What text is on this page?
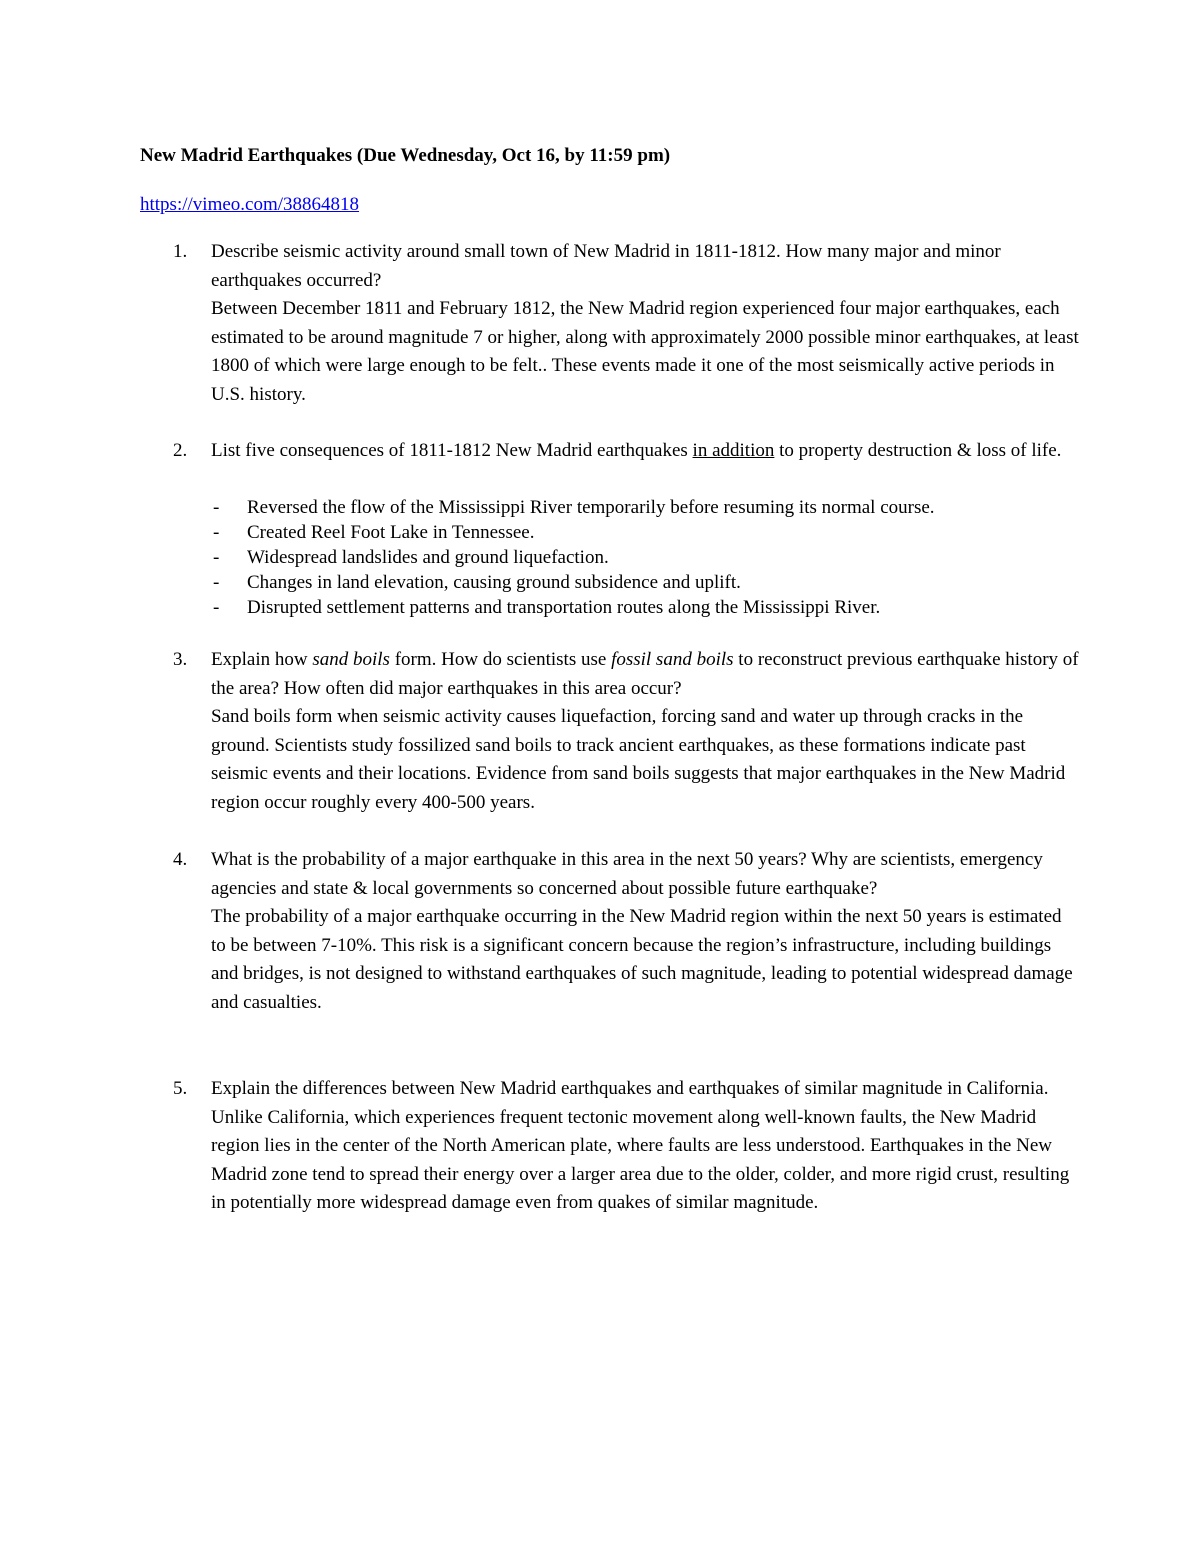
New Madrid Earthquakes (Due Wednesday, Oct 16, by 11:59 pm)
https://vimeo.com/38864818
1. Describe seismic activity around small town of New Madrid in 1811-1812. How many major and minor earthquakes occurred?

Between December 1811 and February 1812, the New Madrid region experienced four major earthquakes, each estimated to be around magnitude 7 or higher, along with approximately 2000 possible minor earthquakes, at least 1800 of which were large enough to be felt.. These events made it one of the most seismically active periods in U.S. history.

2. List five consequences of 1811-1812 New Madrid earthquakes in addition to property destruction & loss of life.

- Reversed the flow of the Mississippi River temporarily before resuming its normal course.
- Created Reel Foot Lake in Tennessee.
- Widespread landslides and ground liquefaction.
- Changes in land elevation, causing ground subsidence and uplift.
- Disrupted settlement patterns and transportation routes along the Mississippi River.
3. Explain how sand boils form. How do scientists use fossil sand boils to reconstruct previous earthquake history of the area? How often did major earthquakes in this area occur?

Sand boils form when seismic activity causes liquefaction, forcing sand and water up through cracks in the ground. Scientists study fossilized sand boils to track ancient earthquakes, as these formations indicate past seismic events and their locations. Evidence from sand boils suggests that major earthquakes in the New Madrid region occur roughly every 400-500 years.

4. What is the probability of a major earthquake in this area in the next 50 years? Why are scientists, emergency agencies and state & local governments so concerned about possible future earthquake?

The probability of a major earthquake occurring in the New Madrid region within the next 50 years is estimated to be between 7-10%. This risk is a significant concern because the region’s infrastructure, including buildings and bridges, is not designed to withstand earthquakes of such magnitude, leading to potential widespread damage and casualties.

5. Explain the differences between New Madrid earthquakes and earthquakes of similar magnitude in California.

Unlike California, which experiences frequent tectonic movement along well-known faults, the New Madrid region lies in the center of the North American plate, where faults are less understood. Earthquakes in the New Madrid zone tend to spread their energy over a larger area due to the older, colder, and more rigid crust, resulting in potentially more widespread damage even from quakes of similar magnitude.
